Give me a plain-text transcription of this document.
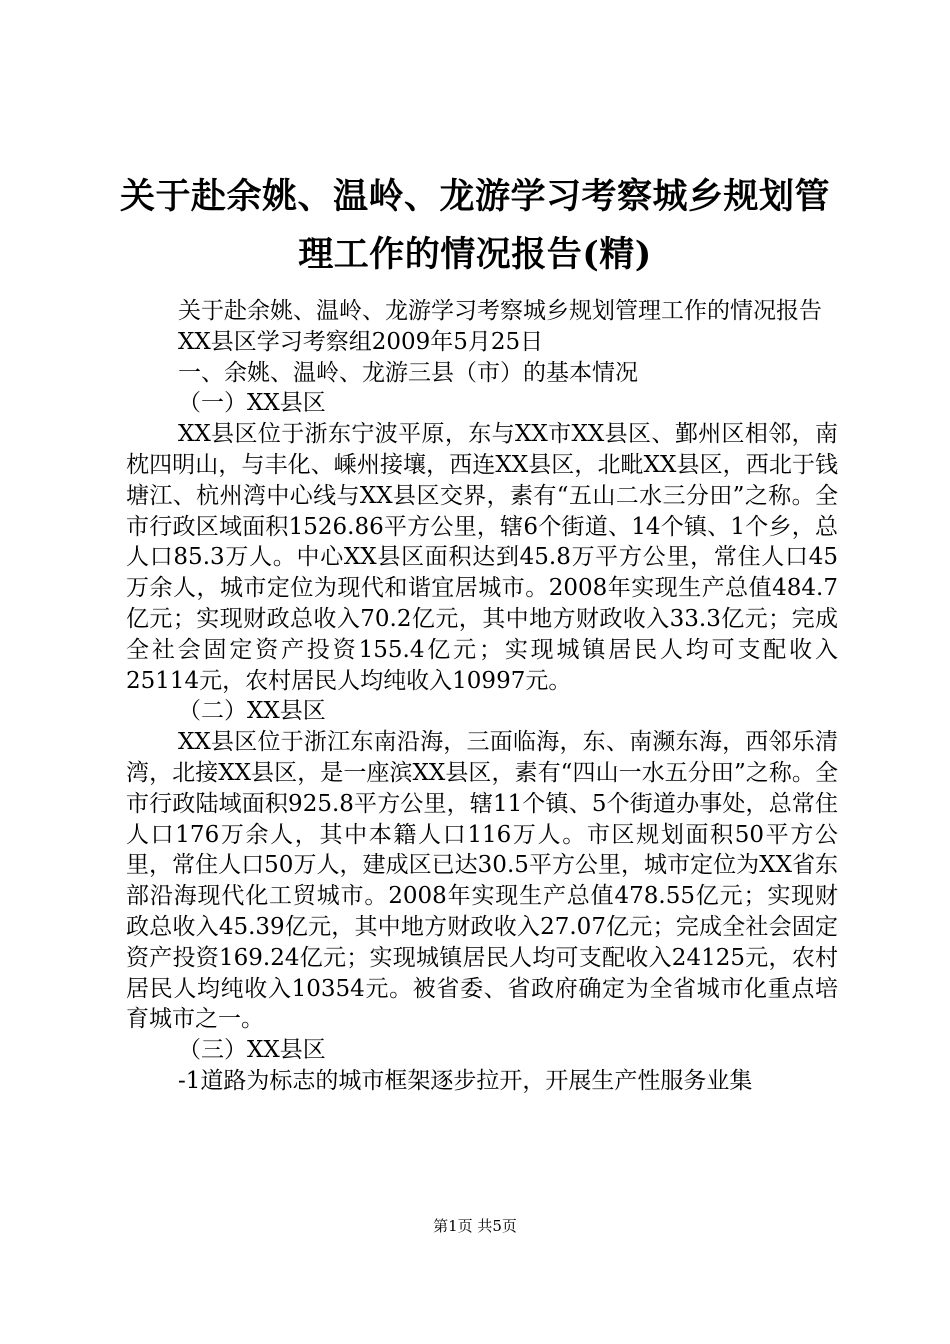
关于赴余姚、温岭、龙游学习考察城乡规划管理工作的情况报告(精)

关于赴余姚、温岭、龙游学习考察城乡规划管理工作的情况报告

XX县区学习考察组2009年5月25日

一、余姚、温岭、龙游三县（市）的基本情况

（一）XX县区

XX县区位于浙东宁波平原，东与XX市XX县区、鄞州区相邻，南枕四明山，与丰化、嵊州接壤，西连XX县区，北毗XX县区，西北于钱塘江、杭州湾中心线与XX县区交界，素有“五山二水三分田”之称。全市行政区域面积1526.86平方公里，辖6个街道、14个镇、1个乡，总人口85.3万人。中心XX县区面积达到45.8万平方公里，常住人口45万余人，城市定位为现代和谐宜居城市。2008年实现生产总值484.7亿元；实现财政总收入70.2亿元，其中地方财政收入33.3亿元；完成全社会固定资产投资155.4亿元；实现城镇居民人均可支配收入25114元，农村居民人均纯收入10997元。

（二）XX县区

XX县区位于浙江东南沿海，三面临海，东、南濒东海，西邻乐清湾，北接XX县区，是一座滨XX县区，素有“四山一水五分田”之称。全市行政陆域面积925.8平方公里，辖11个镇、5个街道办事处，总常住人口176万余人，其中本籍人口116万人。市区规划面积50平方公里，常住人口50万人，建成区已达30.5平方公里，城市定位为XX省东部沿海现代化工贸城市。2008年实现生产总值478.55亿元；实现财政总收入45.39亿元，其中地方财政收入27.07亿元；完成全社会固定资产投资169.24亿元；实现城镇居民人均可支配收入24125元，农村居民人均纯收入10354元。被省委、省政府确定为全省城市化重点培育城市之一。

（三）XX县区

-1道路为标志的城市框架逐步拉开，开展生产性服务业集

第1页 共5页
